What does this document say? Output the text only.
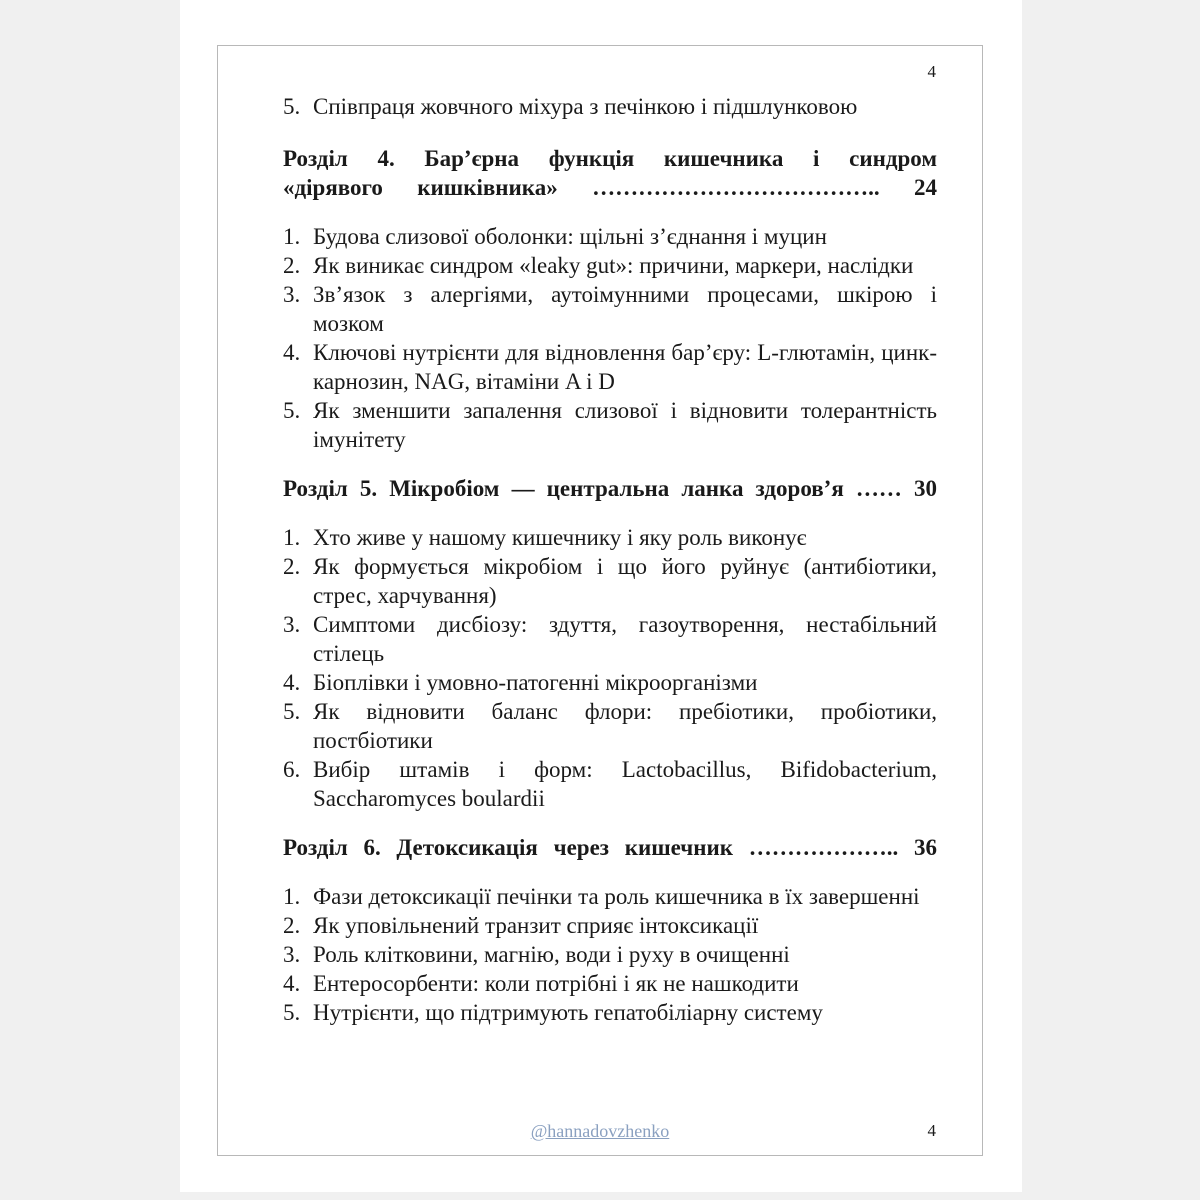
4
5. Співпраця жовчного міхура з печінкою і підшлунковою
Розділ 4. Бар’єрна функція кишечника і синдром
«дірявого кишківника» ……………………………….. 24
1. Будова слизової оболонки: щільні з’єднання і муцин
2. Як виникає синдром «leaky gut»: причини, маркери, наслідки
3. Зв’язок з алергіями, аутоімунними процесами, шкірою і мозком
4. Ключові нутрієнти для відновлення бар’єру: L-глютамін, цинк-карнозин, NAG, вітаміни A і D
5. Як зменшити запалення слизової і відновити толерантність імунітету
Розділ 5. Мікробіом — центральна ланка здоров’я …… 30
1. Хто живе у нашому кишечнику і яку роль виконує
2. Як формується мікробіом і що його руйнує (антибіотики, стрес, харчування)
3. Симптоми дисбіозу: здуття, газоутворення, нестабільний стілець
4. Біоплівки і умовно-патогенні мікроорганізми
5. Як відновити баланс флори: пребіотики, пробіотики, постбіотики
6. Вибір штамів і форм: Lactobacillus, Bifidobacterium, Saccharomyces boulardii
Розділ 6. Детоксикація через кишечник ……………….. 36
1. Фази детоксикації печінки та роль кишечника в їх завершенні
2. Як уповільнений транзит сприяє інтоксикації
3. Роль клітковини, магнію, води і руху в очищенні
4. Ентеросорбенти: коли потрібні і як не нашкодити
5. Нутрієнти, що підтримують гепатобіліарну систему
@hannadovzhenko	4
